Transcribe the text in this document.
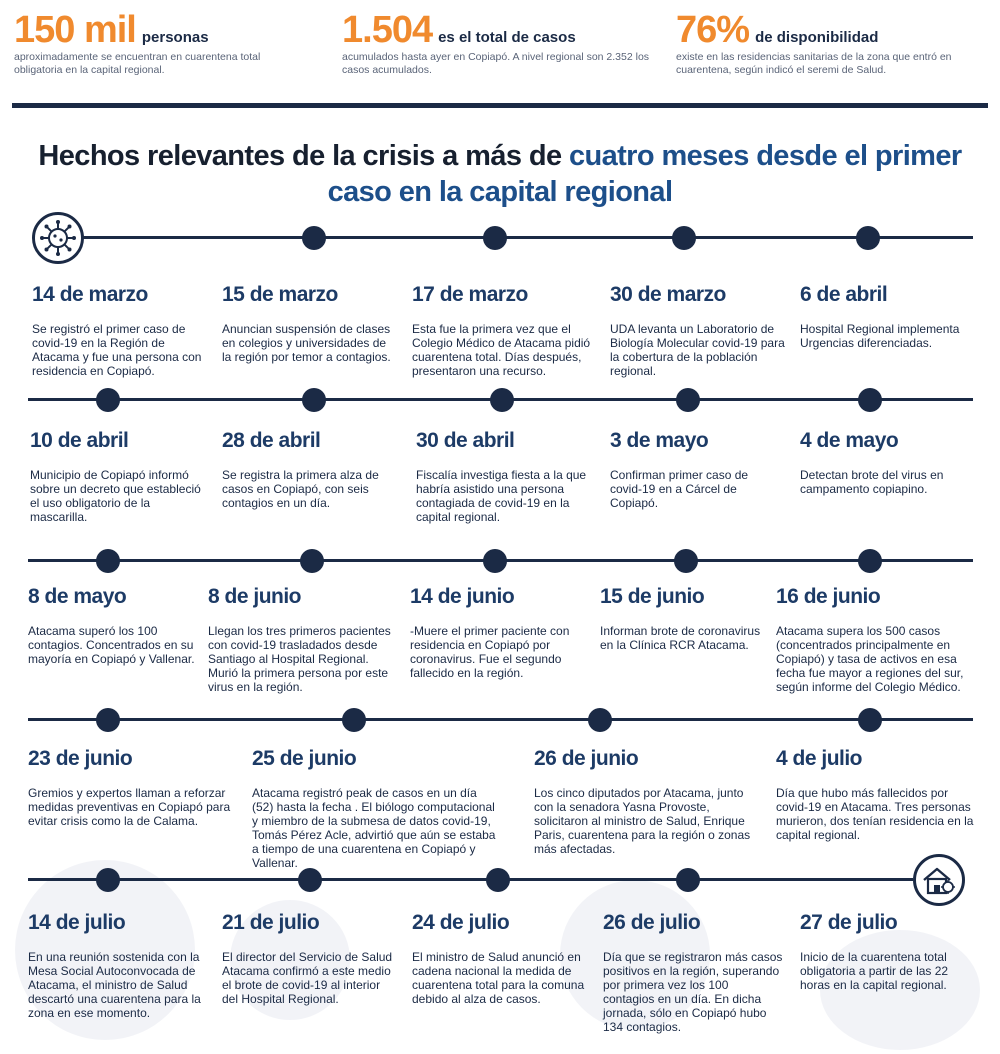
150 mil personas
aproximadamente se encuentran en cuarentena total obligatoria en la capital regional.
1.504 es el total de casos
acumulados hasta ayer en Copiapó. A nivel regional son 2.352 los casos acumulados.
76% de disponibilidad
existe en las residencias sanitarias de la zona que entró en cuarentena, según indicó el seremi de Salud.
Hechos relevantes de la crisis a más de cuatro meses desde el primer
caso en la capital regional
14 de marzo
Se registró el primer caso de covid-19 en la Región de Atacama y fue una persona con residencia en Copiapó.
15 de marzo
Anuncian suspensión de clases en colegios y universidades de la región por temor a contagios.
17 de marzo
Esta fue la primera vez que el Colegio Médico de Atacama pidió cuarentena total. Días después, presentaron una recurso.
30 de marzo
UDA levanta un Laboratorio de Biología Molecular covid-19 para la cobertura de la población regional.
6 de abril
Hospital Regional implementa Urgencias diferenciadas.
10 de abril
Municipio de Copiapó informó sobre un decreto que estableció el uso obligatorio de la mascarilla.
28 de abril
Se registra la primera alza de casos en Copiapó, con seis contagios en un día.
30 de abril
Fiscalía investiga fiesta a la que habría asistido una persona contagiada de covid-19 en la capital regional.
3 de mayo
Confirman primer caso de covid-19 en a Cárcel de Copiapó.
4 de mayo
Detectan brote del virus en campamento copiapino.
8 de mayo
Atacama superó los 100 contagios. Concentrados en su mayoría en Copiapó y Vallenar.
8 de junio
Llegan los tres primeros pacientes con covid-19 trasladados desde Santiago al Hospital Regional. Murió la primera persona por este virus en la región.
14 de junio
-Muere el primer paciente con residencia en Copiapó por coronavirus. Fue el segundo fallecido en la región.
15 de junio
Informan brote de coronavirus en la Clínica RCR Atacama.
16 de junio
Atacama supera los 500 casos (concentrados principalmente en Copiapó) y tasa de activos en esa fecha fue mayor a regiones del sur, según informe del Colegio Médico.
23 de junio
Gremios y expertos llaman a reforzar medidas preventivas en Copiapó para evitar crisis como la de Calama.
25 de junio
Atacama registró peak de casos en un día (52) hasta la fecha . El biólogo computacional y miembro de la submesa de datos covid-19, Tomás Pérez Acle, advirtió que aún se estaba a tiempo de una cuarentena en Copiapó y Vallenar.
26 de junio
Los cinco diputados por Atacama, junto con la senadora Yasna Provoste, solicitaron al ministro de Salud, Enrique Paris, cuarentena para la región o zonas más afectadas.
4 de julio
Día que hubo más fallecidos por covid-19 en Atacama. Tres personas murieron, dos tenían residencia en la capital regional.
14 de julio
En una reunión sostenida con la Mesa Social Autoconvocada de Atacama, el ministro de Salud descartó una cuarentena para la zona en ese momento.
21 de julio
El director del Servicio de Salud Atacama confirmó a este medio el brote de covid-19 al interior del Hospital Regional.
24 de julio
El ministro de Salud anunció en cadena nacional la medida de cuarentena total para la comuna debido al alza de casos.
26 de julio
Día que se registraron más casos positivos en la región, superando por primera vez los 100 contagios en un día. En dicha jornada, sólo en Copiapó hubo 134 contagios.
27 de julio
Inicio de la cuarentena total obligatoria a partir de las 22 horas en la capital regional.
